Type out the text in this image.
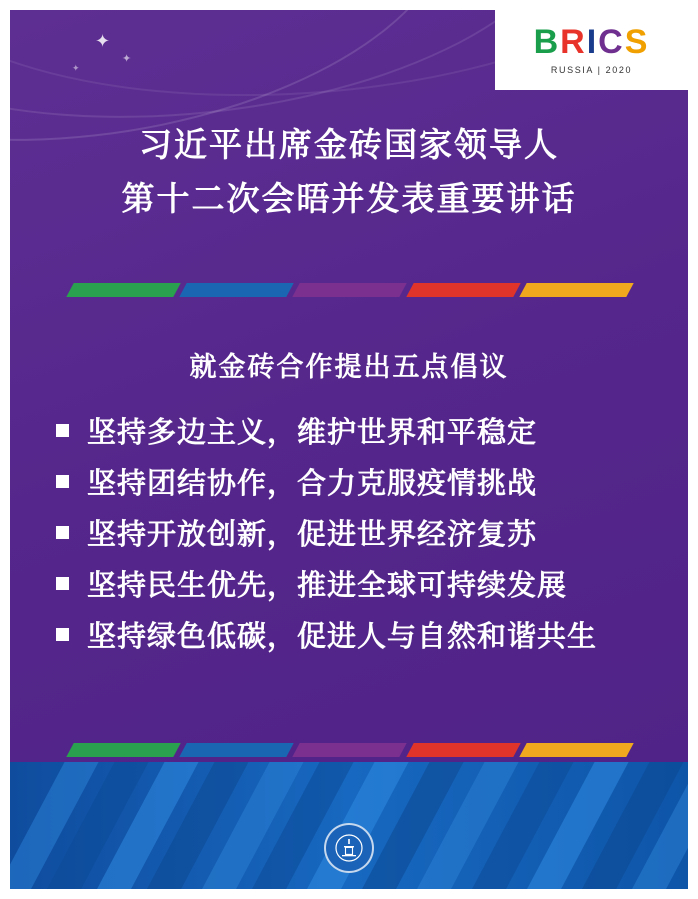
✦
✦
✦
B R I C S
RUSSIA | 2020
习近平出席金砖国家领导人
第十二次会晤并发表重要讲话
就金砖合作提出五点倡议
坚持多边主义，维护世界和平稳定
坚持团结协作，合力克服疫情挑战
坚持开放创新，促进世界经济复苏
坚持民生优先，推进全球可持续发展
坚持绿色低碳，促进人与自然和谐共生
